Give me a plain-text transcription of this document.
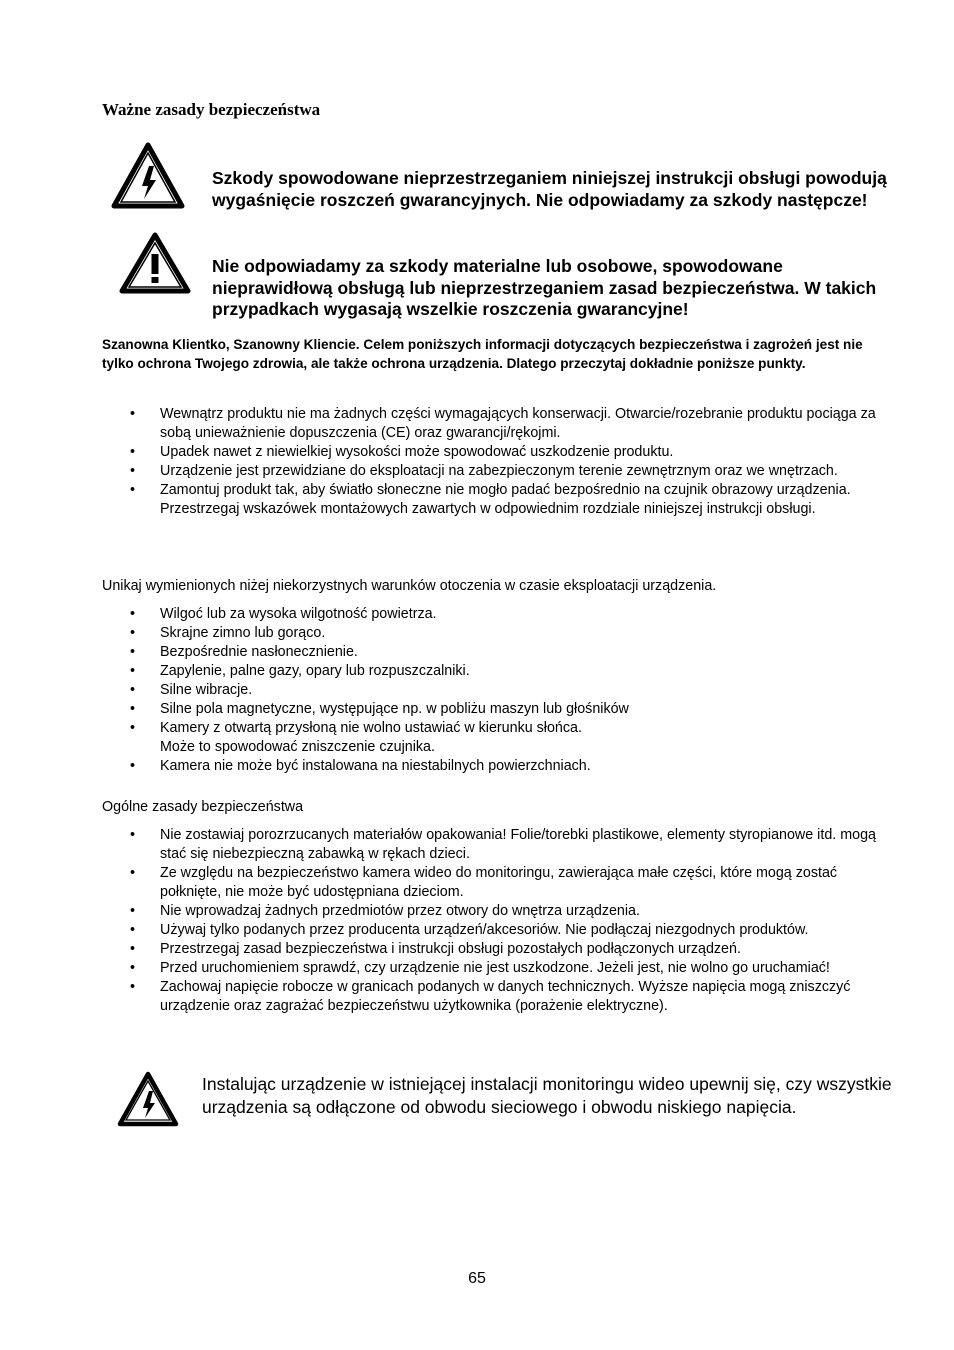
Ważne zasady bezpieczeństwa
Szkody spowodowane nieprzestrzeganiem niniejszej instrukcji obsługi powodują wygaśnięcie roszczeń gwarancyjnych. Nie odpowiadamy za szkody następcze!
Nie odpowiadamy za szkody materialne lub osobowe, spowodowane nieprawidłową obsługą lub nieprzestrzeganiem zasad bezpieczeństwa. W takich przypadkach wygasają wszelkie roszczenia gwarancyjne!
Szanowna Klientko, Szanowny Kliencie. Celem poniższych informacji dotyczących bezpieczeństwa i zagrożeń jest nie tylko ochrona Twojego zdrowia, ale także ochrona urządzenia. Dlatego przeczytaj dokładnie poniższe punkty.
• Wewnątrz produktu nie ma żadnych części wymagających konserwacji. Otwarcie/rozebranie produktu pociąga za sobą unieważnienie dopuszczenia (CE) oraz gwarancji/rękojmi.
• Upadek nawet z niewielkiej wysokości może spowodować uszkodzenie produktu.
• Urządzenie jest przewidziane do eksploatacji na zabezpieczonym terenie zewnętrznym oraz we wnętrzach.
• Zamontuj produkt tak, aby światło słoneczne nie mogło padać bezpośrednio na czujnik obrazowy urządzenia. Przestrzegaj wskazówek montażowych zawartych w odpowiednim rozdziale niniejszej instrukcji obsługi.
Unikaj wymienionych niżej niekorzystnych warunków otoczenia w czasie eksploatacji urządzenia.
• Wilgoć lub za wysoka wilgotność powietrza.
• Skrajne zimno lub gorąco.
• Bezpośrednie nasłonecznienie.
• Zapylenie, palne gazy, opary lub rozpuszczalniki.
• Silne wibracje.
• Silne pola magnetyczne, występujące np. w pobliżu maszyn lub głośników
• Kamery z otwartą przysłoną nie wolno ustawiać w kierunku słońca.
Może to spowodować zniszczenie czujnika.
• Kamera nie może być instalowana na niestabilnych powierzchniach.
Ogólne zasady bezpieczeństwa
• Nie zostawiaj porozrzucanych materiałów opakowania! Folie/torebki plastikowe, elementy styropianowe itd. mogą stać się niebezpieczną zabawką w rękach dzieci.
• Ze względu na bezpieczeństwo kamera wideo do monitoringu, zawierająca małe części, które mogą zostać połknięte, nie może być udostępniana dzieciom.
• Nie wprowadzaj żadnych przedmiotów przez otwory do wnętrza urządzenia.
• Używaj tylko podanych przez producenta urządzeń/akcesoriów. Nie podłączaj niezgodnych produktów.
• Przestrzegaj zasad bezpieczeństwa i instrukcji obsługi pozostałych podłączonych urządzeń.
• Przed uruchomieniem sprawdź, czy urządzenie nie jest uszkodzone. Jeżeli jest, nie wolno go uruchamiać!
• Zachowaj napięcie robocze w granicach podanych w danych technicznych. Wyższe napięcia mogą zniszczyć urządzenie oraz zagrażać bezpieczeństwu użytkownika (porażenie elektryczne).
Instalując urządzenie w istniejącej instalacji monitoringu wideo upewnij się, czy wszystkie urządzenia są odłączone od obwodu sieciowego i obwodu niskiego napięcia.
65
